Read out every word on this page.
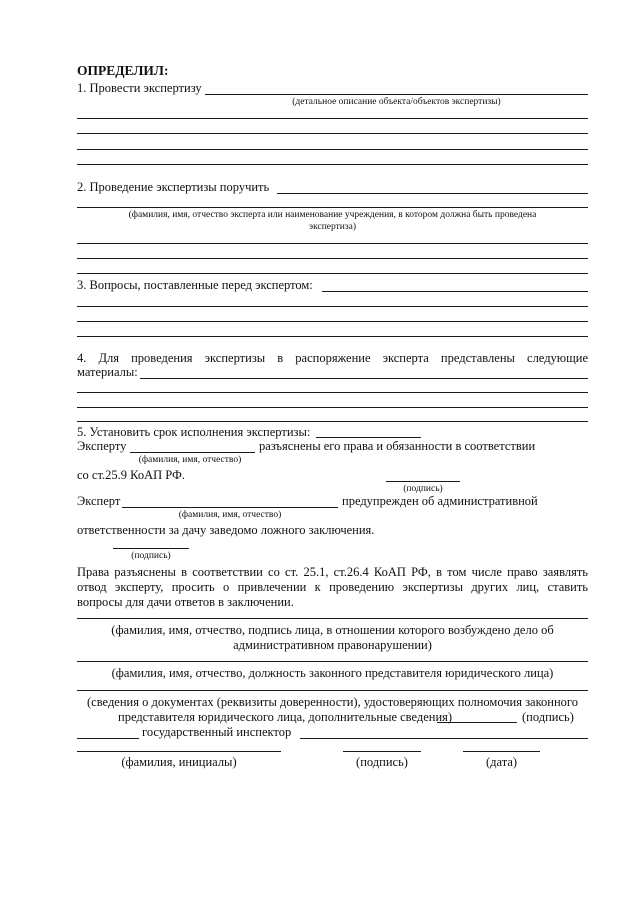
ОПРЕДЕЛИЛ:
1. Провести экспертизу
(детальное описание объекта/объектов экспертизы)
2. Проведение экспертизы поручить
(фамилия, имя, отчество эксперта или наименование учреждения, в котором должна быть проведена
экспертиза)
3. Вопросы, поставленные перед экспертом:
4. Для проведения экспертизы в распоряжение эксперта представлены следующие
материалы:
5. Установить срок исполнения экспертизы:
Эксперту	разъяснены его права и обязанности в соответствии
(фамилия, имя, отчество)
со ст.25.9 КоАП РФ.
(подпись)
Эксперт	предупрежден об административной
(фамилия, имя, отчество)
ответственности за дачу заведомо ложного заключения.
(подпись)
Права разъяснены в соответствии со ст. 25.1, ст.26.4 КоАП РФ, в том числе право заявлять
отвод эксперту, просить о привлечении к проведению экспертизы других лиц, ставить
вопросы для дачи ответов в заключении.
(фамилия, имя, отчество, подпись лица, в отношении которого возбуждено дело об
административном правонарушении)
(фамилия, имя, отчество, должность законного представителя юридического лица)
(сведения о документах (реквизиты доверенности), удостоверяющих полномочия законного
представителя юридического лица, дополнительные сведения)	(подпись)
государственный инспектор
(фамилия, инициалы)	(подпись)	(дата)
